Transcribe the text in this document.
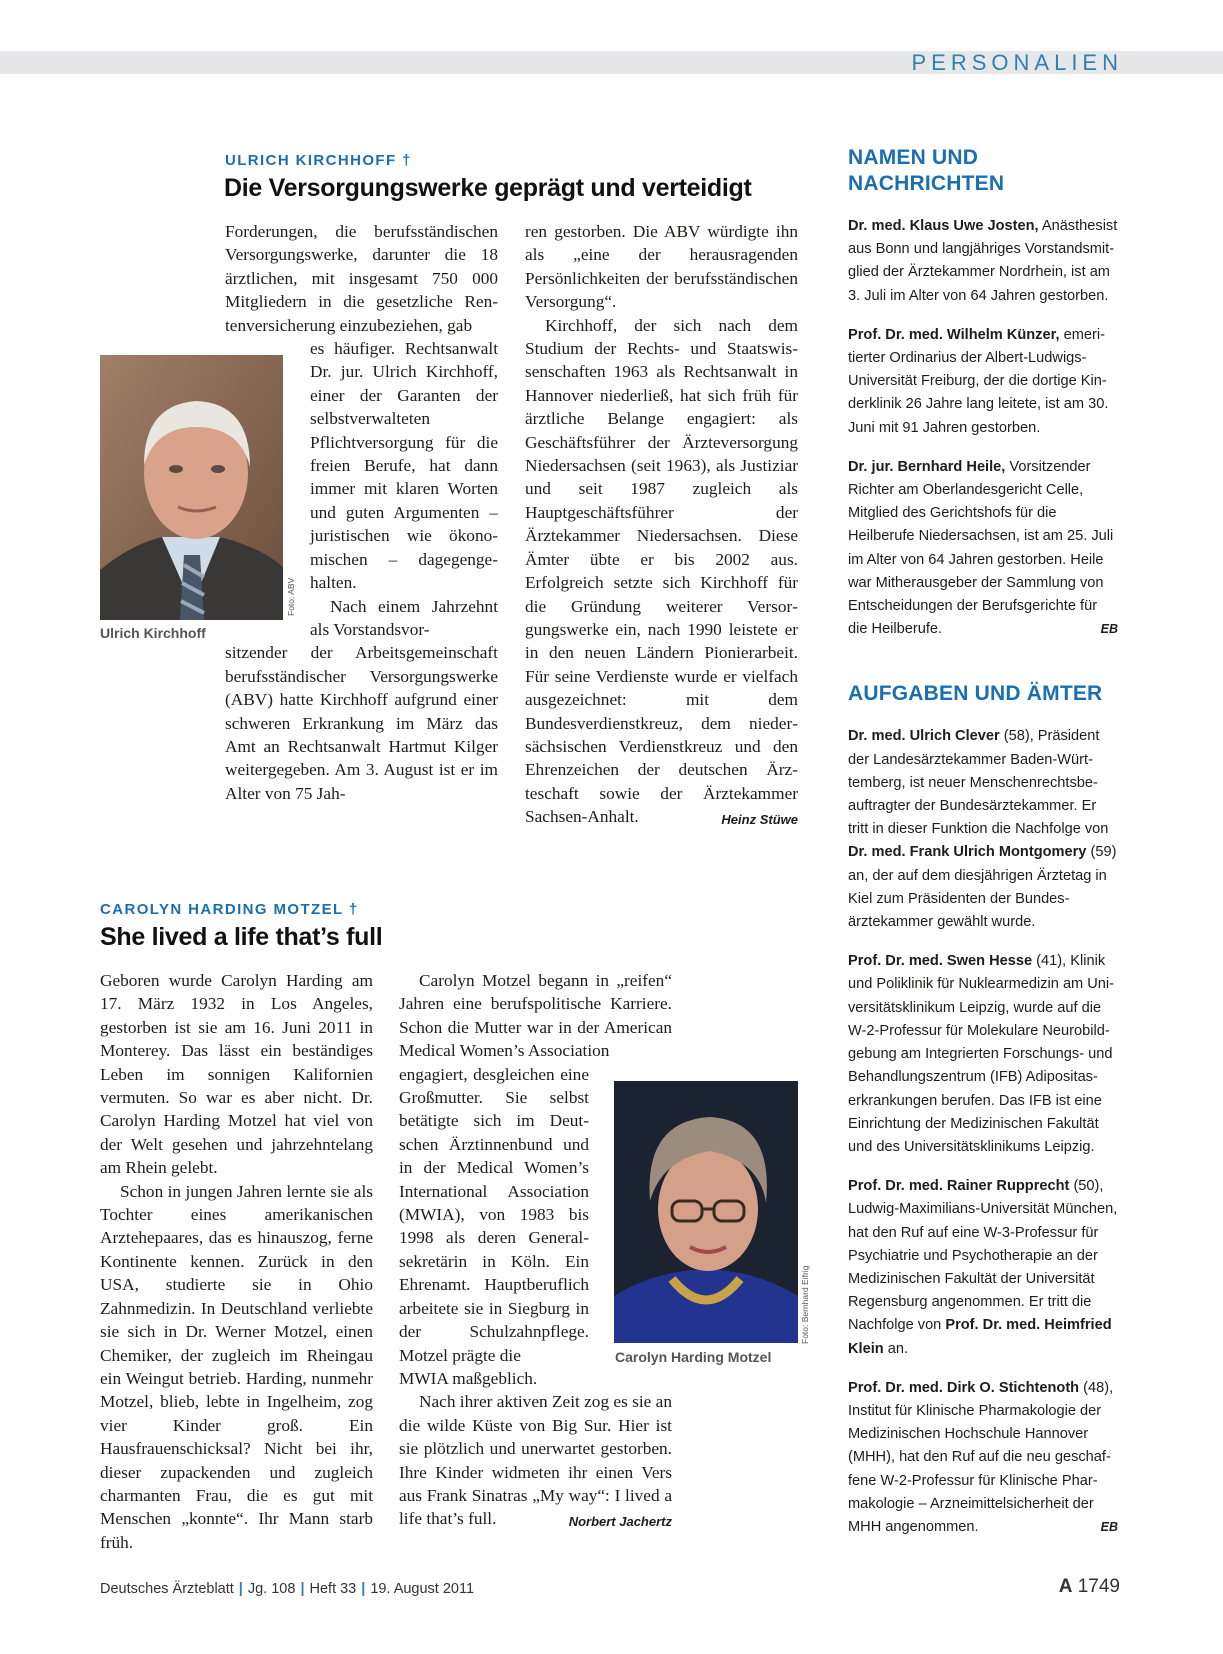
PERSONALIEN
ULRICH KIRCHHOFF †
Die Versorgungswerke geprägt und verteidigt
Foto: ABV
Ulrich Kirchhoff

Forderungen, die berufsständischen Versorgungswerke, darunter die 18 ärztlichen, mit insgesamt 750 000 Mitgliedern in die gesetzliche Rentenversicherung einzubeziehen, gab

es häufiger. Rechtsanwalt Dr. jur. Ulrich Kirchhoff, einer der Garanten der selbstverwalteten Pflichtversorgung für die freien Berufe, hat dann immer mit klaren Worten und guten Argumenten – juristischen wie ökonomischen – dagegengehalten.

Nach einem Jahrzehnt als Vorstandsvor-

sitzender der Arbeitsgemeinschaft berufsständischer Versorgungswerke (ABV) hatte Kirchhoff aufgrund einer schweren Erkrankung im März das Amt an Rechtsanwalt Hartmut Kilger weitergegeben. Am 3. August ist er im Alter von 75 Jah-

ren gestorben. Die ABV würdigte ihn als „eine der herausragenden Persönlichkeiten der berufsständischen Versorgung“.

Kirchhoff, der sich nach dem Studium der Rechts- und Staatswissenschaften 1963 als Rechtsanwalt in Hannover niederließ, hat sich früh für ärztliche Belange engagiert: als Geschäftsführer der Ärzteversorgung Niedersachsen (seit 1963), als Justiziar und seit 1987 zugleich als Hauptgeschäftsführer der Ärztekammer Niedersachsen. Diese Ämter übte er bis 2002 aus. Erfolgreich setzte sich Kirchhoff für die Gründung weiterer Versorgungswerke ein, nach 1990 leistete er in den neuen Ländern Pionierarbeit. Für seine Verdienste wurde er vielfach ausgezeichnet: mit dem Bundesverdienstkreuz, dem niedersächsischen Verdienstkreuz und den Ehrenzeichen der deutschen Ärzteschaft sowie der Ärztekammer Sachsen-Anhalt.	Heinz Stüwe

CAROLYN HARDING MOTZEL †
She lived a life that’s full

Geboren wurde Carolyn Harding am 17. März 1932 in Los Angeles, gestorben ist sie am 16. Juni 2011 in Monterey. Das lässt ein beständiges Leben im sonnigen Kalifornien vermuten. So war es aber nicht. Dr. Carolyn Harding Motzel hat viel von der Welt gesehen und jahrzehntelang am Rhein gelebt.

Schon in jungen Jahren lernte sie als Tochter eines amerikanischen Arztehepaares, das es hinauszog, ferne Kontinente kennen. Zurück in den USA, studierte sie in Ohio Zahnmedizin. In Deutschland verliebte sie sich in Dr. Werner Motzel, einen Chemiker, der zugleich im Rheingau ein Weingut betrieb. Harding, nunmehr Motzel, blieb, lebte in Ingelheim, zog vier Kinder groß. Ein Hausfrauenschicksal? Nicht bei ihr, dieser zupackenden und zugleich charmanten Frau, die es gut mit Menschen „konnte“. Ihr Mann starb früh.

Carolyn Motzel begann in „reifen“ Jahren eine berufspolitische Karriere. Schon die Mutter war in der American Medical Women’s Association

engagiert, desgleichen eine Großmutter. Sie selbst betätigte sich im Deutschen Ärztinnenbund und in der Medical Women’s International Association (MWIA), von 1983 bis 1998 als deren Generalsekretärin in Köln. Ein Ehrenamt. Hauptberuflich arbeitete sie in Siegburg in der Schulzahnpflege. Motzel prägte die

MWIA maßgeblich.

Nach ihrer aktiven Zeit zog es sie an die wilde Küste von Big Sur. Hier ist sie plötzlich und unerwartet gestorben. Ihre Kinder widmeten ihr einen Vers aus Frank Sinatras „My way“: I lived a life that’s full.	Norbert Jachertz

Foto: Bernhard Eifrig
Carolyn Harding Motzel
NAMEN UND NACHRICHTEN
Dr. med. Klaus Uwe Josten, Anästhesist aus Bonn und langjähriges Vorstandsmitglied der Ärztekammer Nordrhein, ist am 3. Juli im Alter von 64 Jahren gestorben.
Prof. Dr. med. Wilhelm Künzer, emeritierter Ordinarius der Albert-Ludwigs-Universität Freiburg, der die dortige Kinderklinik 26 Jahre lang leitete, ist am 30. Juni mit 91 Jahren gestorben.
Dr. jur. Bernhard Heile, Vorsitzender Richter am Oberlandesgericht Celle, Mitglied des Gerichtshofs für die Heilberufe Niedersachsen, ist am 25. Juli im Alter von 64 Jahren gestorben. Heile war Mitherausgeber der Sammlung von Entscheidungen der Berufsgerichte für die Heilberufe.	EB
AUFGABEN UND ÄMTER
Dr. med. Ulrich Clever (58), Präsident der Landesärztekammer Baden-Württemberg, ist neuer Menschenrechtsbeauftragter der Bundesärztekammer. Er tritt in dieser Funktion die Nachfolge von Dr. med. Frank Ulrich Montgomery (59) an, der auf dem diesjährigen Ärztetag in Kiel zum Präsidenten der Bundesärztekammer gewählt wurde.
Prof. Dr. med. Swen Hesse (41), Klinik und Poliklinik für Nuklearmedizin am Universitätsklinikum Leipzig, wurde auf die W-2-Professur für Molekulare Neurobildgebung am Integrierten Forschungs- und Behandlungszentrum (IFB) Adipositaserkrankungen berufen. Das IFB ist eine Einrichtung der Medizinischen Fakultät und des Universitätsklinikums Leipzig.
Prof. Dr. med. Rainer Rupprecht (50), Ludwig-Maximilians-Universität München, hat den Ruf auf eine W-3-Professur für Psychiatrie und Psychotherapie an der Medizinischen Fakultät der Universität Regensburg angenommen. Er tritt die Nachfolge von Prof. Dr. med. Heimfried Klein an.
Prof. Dr. med. Dirk O. Stichtenoth (48), Institut für Klinische Pharmakologie der Medizinischen Hochschule Hannover (MHH), hat den Ruf auf die neu geschaffene W-2-Professur für Klinische Pharmakologie – Arzneimittelsicherheit der MHH angenommen.	EB
Deutsches Ärzteblatt | Jg. 108 | Heft 33 | 19. August 2011	A 1749
